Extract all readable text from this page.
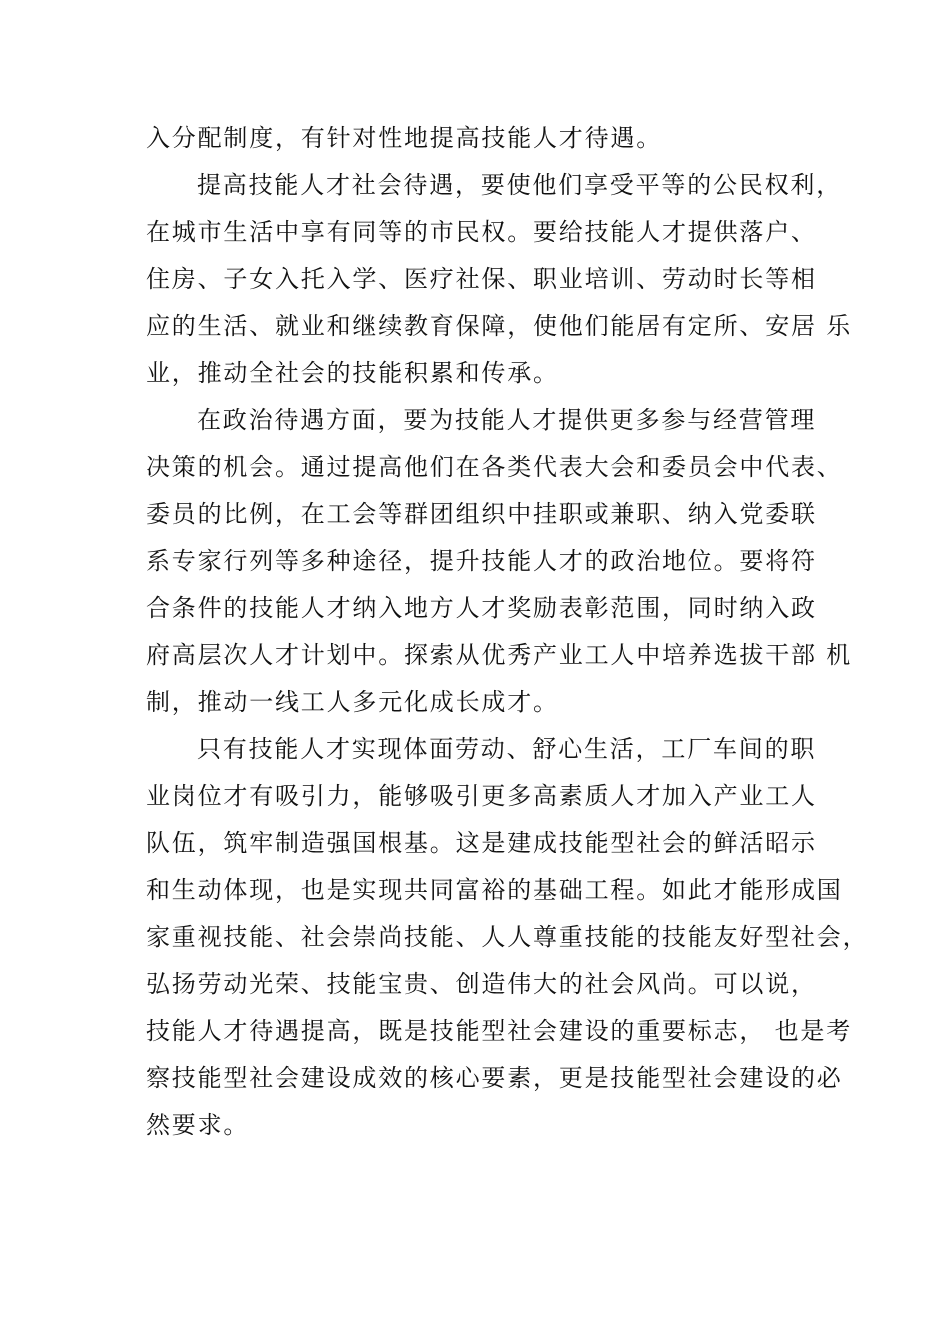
入分配制度，有针对性地提高技能人才待遇。
提高技能人才社会待遇，要使他们享受平等的公民权利，
在城市生活中享有同等的市民权。要给技能人才提供落户、
住房、子女入托入学、医疗社保、职业培训、劳动时长等相
应的生活、就业和继续教育保障，使他们能居有定所、安居 乐
业，推动全社会的技能积累和传承。
在政治待遇方面，要为技能人才提供更多参与经营管理
决策的机会。通过提高他们在各类代表大会和委员会中代表、
委员的比例，在工会等群团组织中挂职或兼职、纳入党委联
系专家行列等多种途径，提升技能人才的政治地位。要将符
合条件的技能人才纳入地方人才奖励表彰范围，同时纳入政
府高层次人才计划中。探索从优秀产业工人中培养选拔干部 机
制，推动一线工人多元化成长成才。
只有技能人才实现体面劳动、舒心生活，工厂车间的职
业岗位才有吸引力，能够吸引更多高素质人才加入产业工人
队伍，筑牢制造强国根基。这是建成技能型社会的鲜活昭示
和生动体现，也是实现共同富裕的基础工程。如此才能形成国
家重视技能、社会崇尚技能、人人尊重技能的技能友好型社会，
弘扬劳动光荣、技能宝贵、创造伟大的社会风尚。可以说，
技能人才待遇提高，既是技能型社会建设的重要标志， 也是考
察技能型社会建设成效的核心要素，更是技能型社会建设的必
然要求。
